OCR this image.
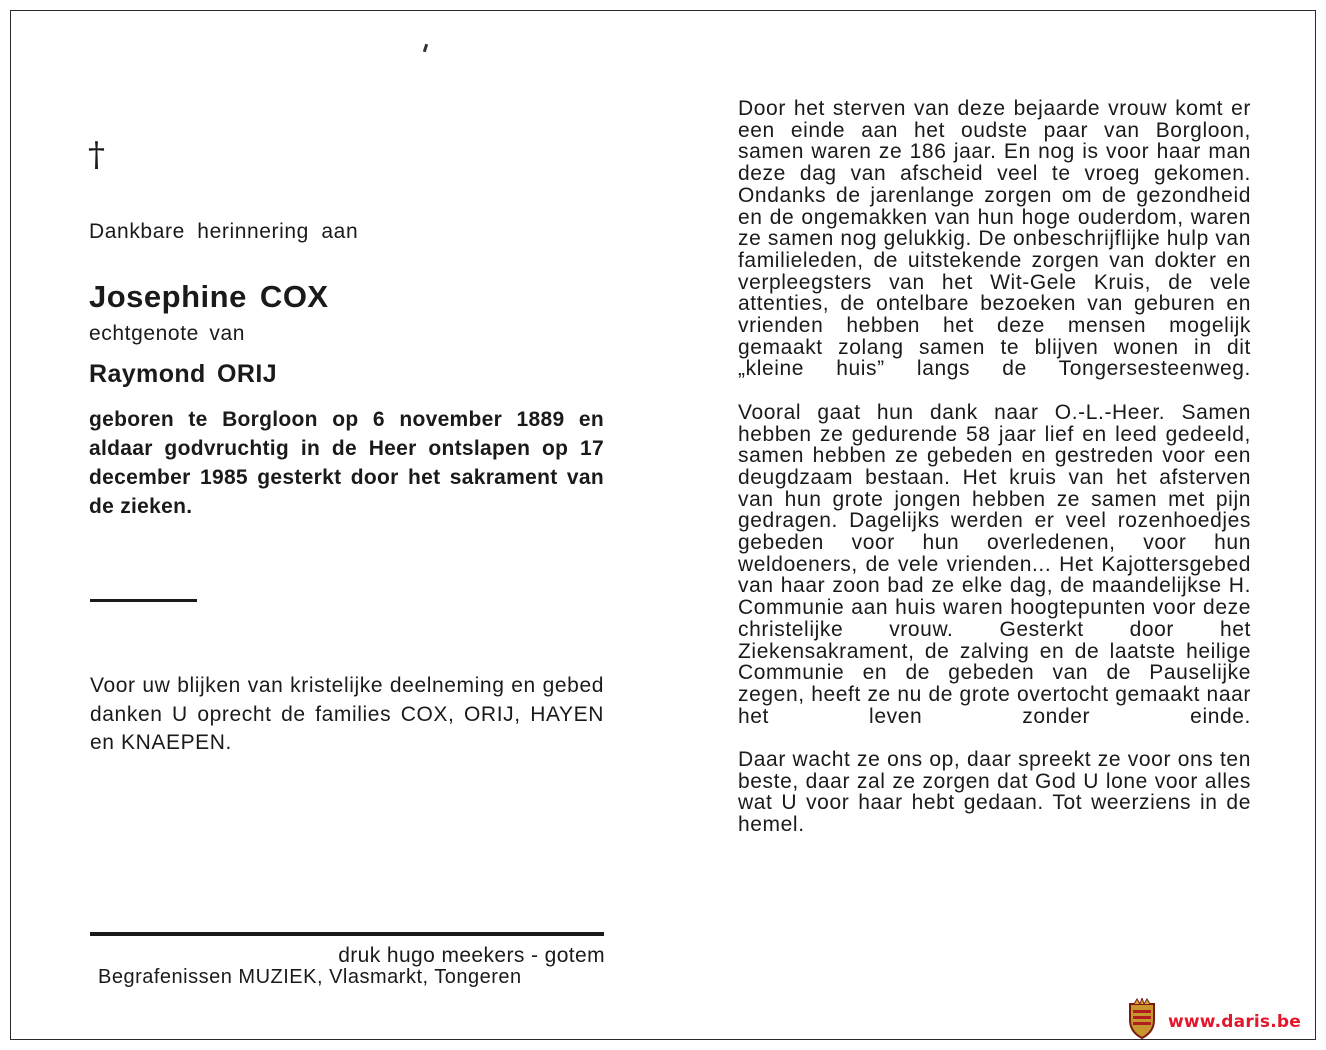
†
Dankbare herinnering aan
Josephine COX
echtgenote van
Raymond ORIJ
geboren te Borgloon op 6 november 1889 en aldaar godvruchtig in de Heer ontslapen op 17 december 1985 gesterkt door het sakrament van de zieken.
Voor uw blijken van kristelijke deelneming en gebed danken U oprecht de families COX, ORIJ, HAYEN en KNAEPEN.
druk hugo meekers - gotem
Begrafenissen MUZIEK, Vlasmarkt, Tongeren

Door het sterven van deze bejaarde vrouw komt er een einde aan het oudste paar van Borgloon, samen waren ze 186 jaar. En nog is voor haar man deze dag van afscheid veel te vroeg gekomen. Ondanks de jarenlange zorgen om de gezondheid en de ongemakken van hun hoge ouderdom, waren ze samen nog gelukkig. De onbeschrijflijke hulp van familieleden, de uitstekende zorgen van dokter en verpleegsters van het Wit-Gele Kruis, de vele attenties, de ontelbare bezoeken van geburen en vrienden hebben het deze mensen mogelijk gemaakt zolang samen te blijven wonen in dit „kleine huis” langs de Tongersesteenweg.

Vooral gaat hun dank naar O.-L.-Heer. Samen hebben ze gedurende 58 jaar lief en leed gedeeld, samen hebben ze gebeden en gestreden voor een deugdzaam bestaan. Het kruis van het afsterven van hun grote jongen hebben ze samen met pijn gedragen. Dagelijks werden er veel rozenhoedjes gebeden voor hun overledenen, voor hun weldoeners, de vele vrienden... Het Kajottersgebed van haar zoon bad ze elke dag, de maandelijkse H. Communie aan huis waren hoogtepunten voor deze christelijke vrouw. Gesterkt door het Ziekensakrament, de zalving en de laatste heilige Communie en de gebeden van de Pauselijke zegen, heeft ze nu de grote overtocht gemaakt naar het leven zonder einde.

Daar wacht ze ons op, daar spreekt ze voor ons ten beste, daar zal ze zorgen dat God U lone voor alles wat U voor haar hebt gedaan. Tot weerziens in de hemel.

www.daris.be
